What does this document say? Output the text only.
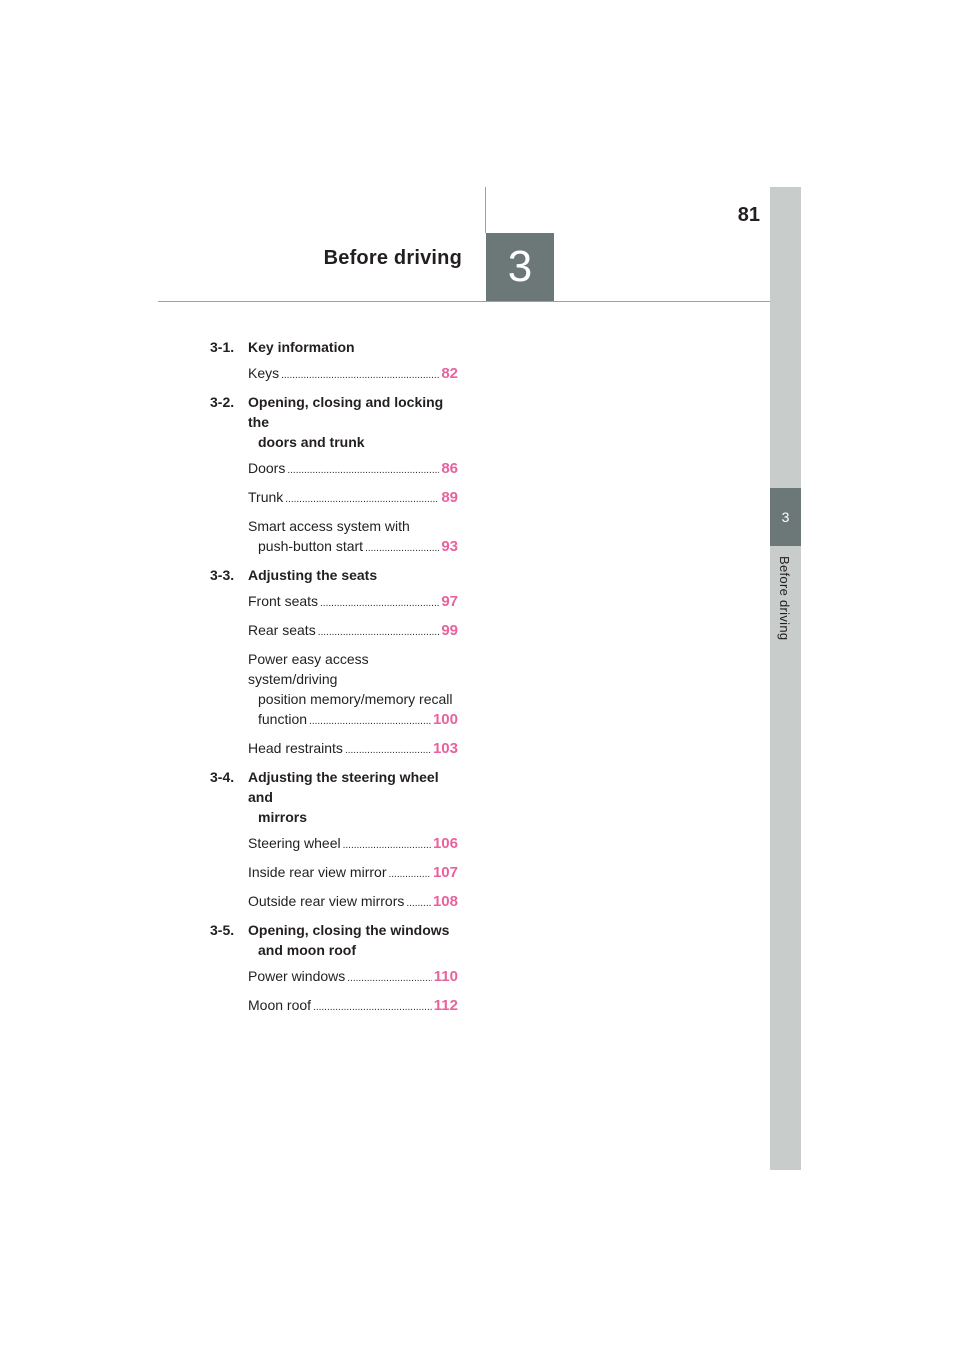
81
Before driving	3
3
Before driving
3-1. Key information
Keys .....	82
3-2. Opening, closing and locking the
doors and trunk
Doors .....	86
Trunk .....	89
Smart access system with
push-button start .....	93
3-3. Adjusting the seats
Front seats .....	97
Rear seats .....	99
Power easy access system/driving
position memory/memory recall
function .....	100
Head restraints .....	103
3-4. Adjusting the steering wheel and
mirrors
Steering wheel .....	106
Inside rear view mirror .....	107
Outside rear view mirrors ..... 108
3-5. Opening, closing the windows
and moon roof
Power windows .....	110
Moon roof .....	112
